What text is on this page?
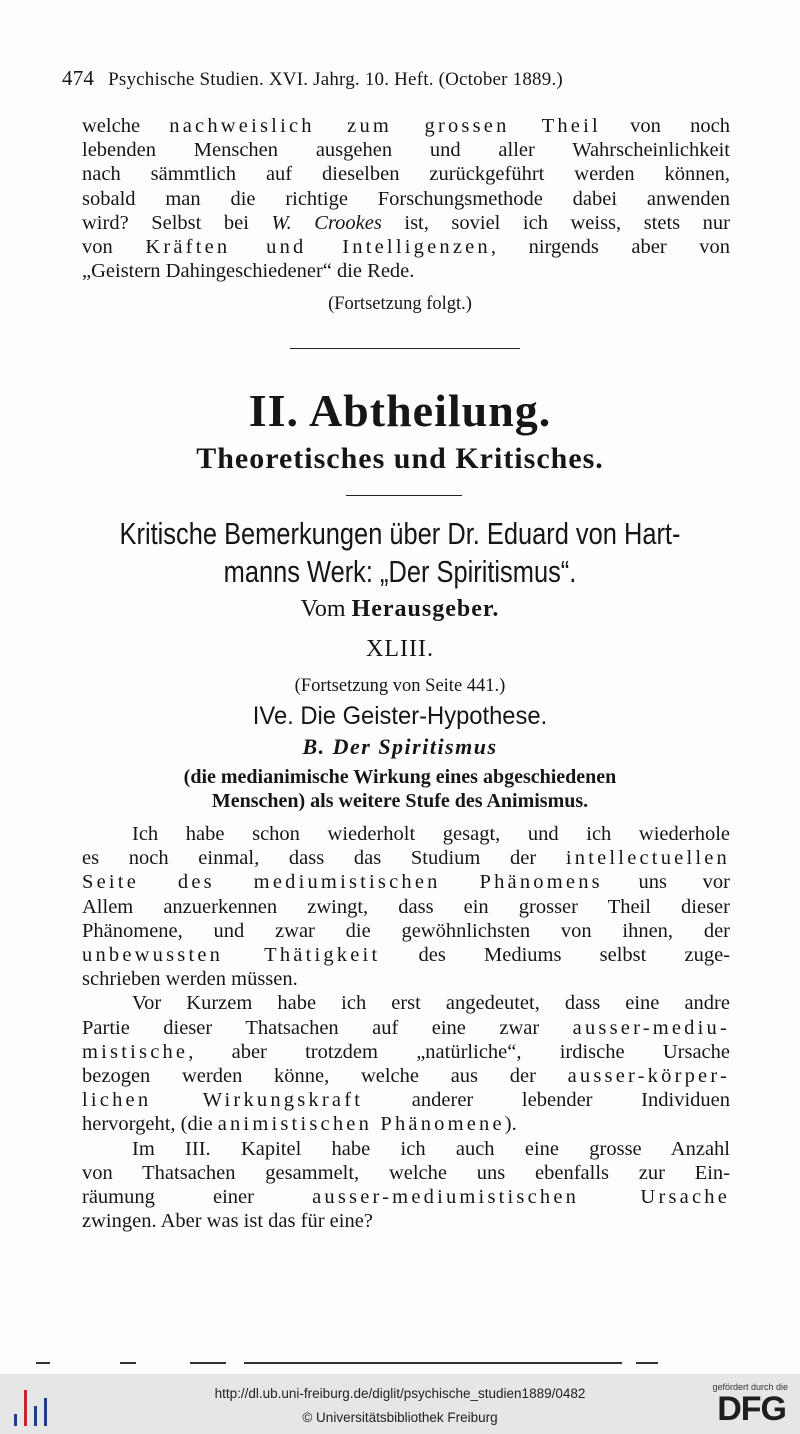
474 Psychische Studien. XVI. Jahrg. 10. Heft. (October 1889.)
welche nachweislich zum grossen Theil von noch
lebenden Menschen ausgehen und aller Wahrscheinlichkeit
nach sämmtlich auf dieselben zurückgeführt werden können,
sobald man die richtige Forschungsmethode dabei anwenden
wird? Selbst bei W. Crookes ist, soviel ich weiss, stets nur
von Kräften und Intelligenzen, nirgends aber von
„Geistern Dahingeschiedener“ die Rede.
(Fortsetzung folgt.)
II. Abtheilung.
Theoretisches und Kritisches.
Kritische Bemerkungen über Dr. Eduard von Hart-
manns Werk: „Der Spiritismus“.
Vom Herausgeber.
XLIII.
(Fortsetzung von Seite 441.)
IVe. Die Geister-Hypothese.
B. Der Spiritismus
(die medianimische Wirkung eines abgeschiedenen
Menschen) als weitere Stufe des Animismus.
Ich habe schon wiederholt gesagt, und ich wiederhole
es noch einmal, dass das Studium der intellectuellen
Seite des mediumistischen Phänomens uns vor
Allem anzuerkennen zwingt, dass ein grosser Theil dieser
Phänomene, und zwar die gewöhnlichsten von ihnen, der
unbewussten Thätigkeit des Mediums selbst zuge-
schrieben werden müssen.
Vor Kurzem habe ich erst angedeutet, dass eine andre
Partie dieser Thatsachen auf eine zwar ausser-mediu-
mistische, aber trotzdem „natürliche“, irdische Ursache
bezogen werden könne, welche aus der ausser-körper-
lichen Wirkungskraft anderer lebender Individuen
hervorgeht, (die animistischen Phänomene).
Im III. Kapitel habe ich auch eine grosse Anzahl
von Thatsachen gesammelt, welche uns ebenfalls zur Ein-
räumung einer ausser-mediumistischen Ursache
zwingen. Aber was ist das für eine?
http://dl.ub.uni-freiburg.de/diglit/psychische_studien1889/0482
© Universitätsbibliothek Freiburg
gefördert durch die
DFG
